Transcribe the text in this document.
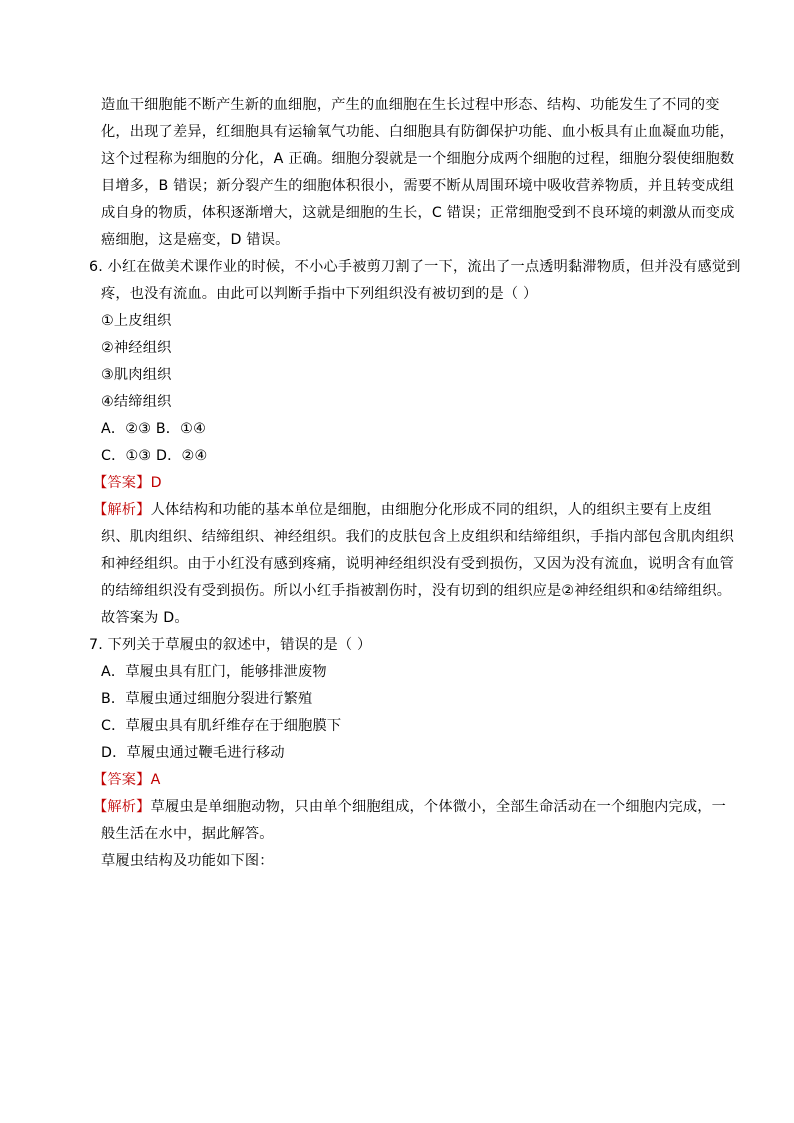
造血干细胞能不断产生新的血细胞，产生的血细胞在生长过程中形态、结构、功能发生了不同的变
化，出现了差异，红细胞具有运输氧气功能、白细胞具有防御保护功能、血小板具有止血凝血功能，
这个过程称为细胞的分化，A 正确。细胞分裂就是一个细胞分成两个细胞的过程，细胞分裂使细胞数
目增多，B 错误；新分裂产生的细胞体积很小，需要不断从周围环境中吸收营养物质，并且转变成组
成自身的物质，体积逐渐增大，这就是细胞的生长，C 错误；正常细胞受到不良环境的刺激从而变成
癌细胞，这是癌变，D 错误。
6. 小红在做美术课作业的时候，不小心手被剪刀割了一下，流出了一点透明黏滞物质，但并没有感觉到
疼，也没有流血。由此可以判断手指中下列组织没有被切到的是（ ）
①上皮组织
②神经组织
③肌肉组织
④结缔组织
A．②③ B．①④
C．①③ D．②④
【答案】D
【解析】人体结构和功能的基本单位是细胞，由细胞分化形成不同的组织，人的组织主要有上皮组
织、肌肉组织、结缔组织、神经组织。我们的皮肤包含上皮组织和结缔组织，手指内部包含肌肉组织
和神经组织。由于小红没有感到疼痛，说明神经组织没有受到损伤，又因为没有流血，说明含有血管
的结缔组织没有受到损伤。所以小红手指被割伤时，没有切到的组织应是②神经组织和④结缔组织。
故答案为 D。
7. 下列关于草履虫的叙述中，错误的是（ ）
A．草履虫具有肛门，能够排泄废物
B．草履虫通过细胞分裂进行繁殖
C．草履虫具有肌纤维存在于细胞膜下
D．草履虫通过鞭毛进行移动
【答案】A
【解析】草履虫是单细胞动物，只由单个细胞组成，个体微小，全部生命活动在一个细胞内完成，一
般生活在水中，据此解答。
草履虫结构及功能如下图：
